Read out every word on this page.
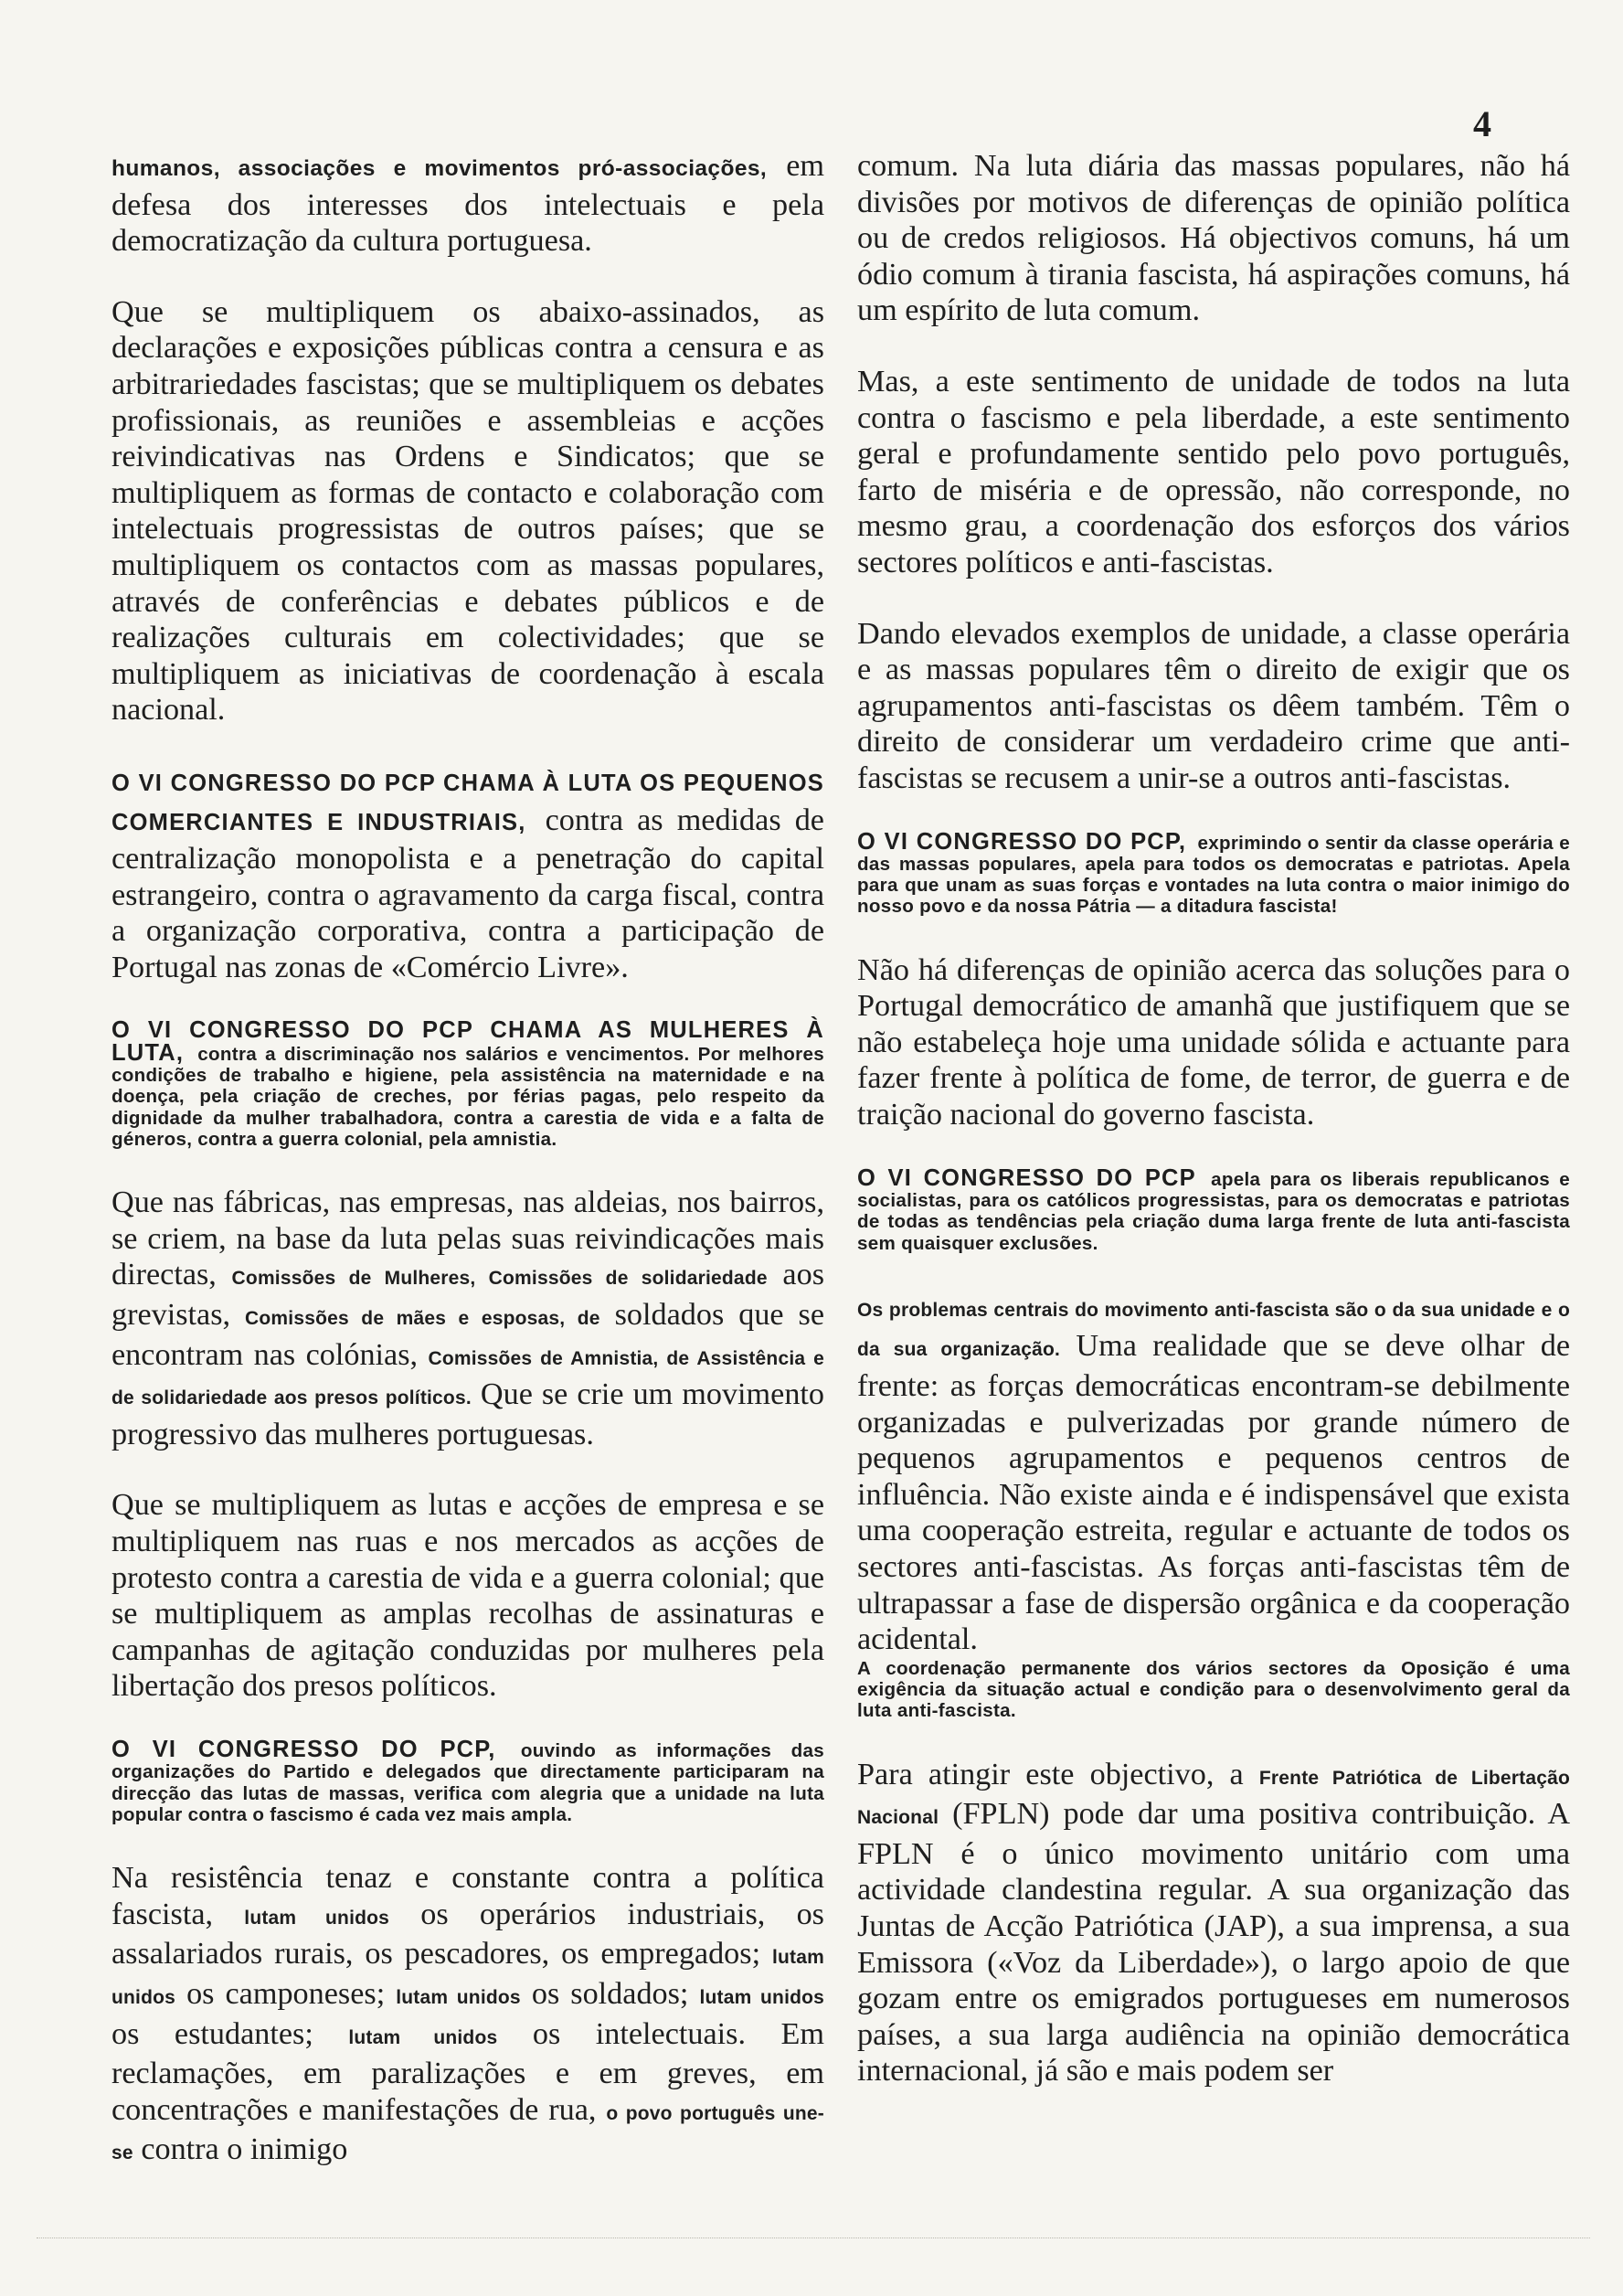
4

humanos, associações e movimentos pró-associações, em defesa dos interesses dos intelectuais e pela democratização da cultura portuguesa.

Que se multipliquem os abaixo-assinados, as declarações e exposições públicas contra a censura e as arbitrariedades fascistas; que se multipliquem os debates profissionais, as reuniões e assembleias e acções reivindicativas nas Ordens e Sindicatos; que se multipliquem as formas de contacto e colaboração com intelectuais progressistas de outros países; que se multipliquem os contactos com as massas populares, através de conferências e debates públicos e de realizações culturais em colectividades; que se multipliquem as iniciativas de coordenação à escala nacional.

O VI CONGRESSO DO PCP CHAMA À LUTA OS PEQUENOS COMERCIANTES E INDUSTRIAIS, contra as medidas de centralização monopolista e a penetração do capital estrangeiro, contra o agravamento da carga fiscal, contra a organização corporativa, contra a participação de Portugal nas zonas de «Comércio Livre».

O VI CONGRESSO DO PCP CHAMA AS MULHERES À LUTA, contra a discriminação nos salários e vencimentos. Por melhores condições de trabalho e higiene, pela assistência na maternidade e na doença, pela criação de creches, por férias pagas, pelo respeito da dignidade da mulher trabalhadora, contra a carestia de vida e a falta de géneros, contra a guerra colonial, pela amnistia.

Que nas fábricas, nas empresas, nas aldeias, nos bairros, se criem, na base da luta pelas suas reivindicações mais directas, Comissões de Mulheres, Comissões de solidariedade aos grevistas, Comissões de mães e esposas, de soldados que se encontram nas colónias, Comissões de Amnistia, de Assistência e de solidariedade aos presos políticos. Que se crie um movimento progressivo das mulheres portuguesas.

Que se multipliquem as lutas e acções de empresa e se multipliquem nas ruas e nos mercados as acções de protesto contra a carestia de vida e a guerra colonial; que se multipliquem as amplas recolhas de assinaturas e campanhas de agitação conduzidas por mulheres pela libertação dos presos políticos.

O VI CONGRESSO DO PCP, ouvindo as informações das organizações do Partido e delegados que directamente participaram na direcção das lutas de massas, verifica com alegria que a unidade na luta popular contra o fascismo é cada vez mais ampla.

Na resistência tenaz e constante contra a política fascista, lutam unidos os operários industriais, os assalariados rurais, os pescadores, os empregados; lutam unidos os camponeses; lutam unidos os soldados; lutam unidos os estudantes; lutam unidos os intelectuais. Em reclamações, em paralizações e em greves, em concentrações e manifestações de rua, o povo português une-se contra o inimigo

comum. Na luta diária das massas populares, não há divisões por motivos de diferenças de opinião política ou de credos religiosos. Há objectivos comuns, há um ódio comum à tirania fascista, há aspirações comuns, há um espírito de luta comum.

Mas, a este sentimento de unidade de todos na luta contra o fascismo e pela liberdade, a este sentimento geral e profundamente sentido pelo povo português, farto de miséria e de opressão, não corresponde, no mesmo grau, a coordenação dos esforços dos vários sectores políticos e anti-fascistas.

Dando elevados exemplos de unidade, a classe operária e as massas populares têm o direito de exigir que os agrupamentos anti-fascistas os dêem também. Têm o direito de considerar um verdadeiro crime que anti-fascistas se recusem a unir-se a outros anti-fascistas.

O VI CONGRESSO DO PCP, exprimindo o sentir da classe operária e das massas populares, apela para todos os democratas e patriotas. Apela para que unam as suas forças e vontades na luta contra o maior inimigo do nosso povo e da nossa Pátria — a ditadura fascista!

Não há diferenças de opinião acerca das soluções para o Portugal democrático de amanhã que justifiquem que se não estabeleça hoje uma unidade sólida e actuante para fazer frente à política de fome, de terror, de guerra e de traição nacional do governo fascista.

O VI CONGRESSO DO PCP apela para os liberais republicanos e socialistas, para os católicos progressistas, para os democratas e patriotas de todas as tendências pela criação duma larga frente de luta anti-fascista sem quaisquer exclusões.

Os problemas centrais do movimento anti-fascista são o da sua unidade e o da sua organização. Uma realidade que se deve olhar de frente: as forças democráticas encontram-se debilmente organizadas e pulverizadas por grande número de pequenos agrupamentos e pequenos centros de influência. Não existe ainda e é indispensável que exista uma cooperação estreita, regular e actuante de todos os sectores anti-fascistas. As forças anti-fascistas têm de ultrapassar a fase de dispersão orgânica e da cooperação acidental.

A coordenação permanente dos vários sectores da Oposição é uma exigência da situação actual e condição para o desenvolvimento geral da luta anti-fascista.

Para atingir este objectivo, a Frente Patriótica de Libertação Nacional (FPLN) pode dar uma positiva contribuição. A FPLN é o único movimento unitário com uma actividade clandestina regular. A sua organização das Juntas de Acção Patriótica (JAP), a sua imprensa, a sua Emissora («Voz da Liberdade»), o largo apoio de que gozam entre os emigrados portugueses em numerosos países, a sua larga audiência na opinião democrática internacional, já são e mais podem ser
